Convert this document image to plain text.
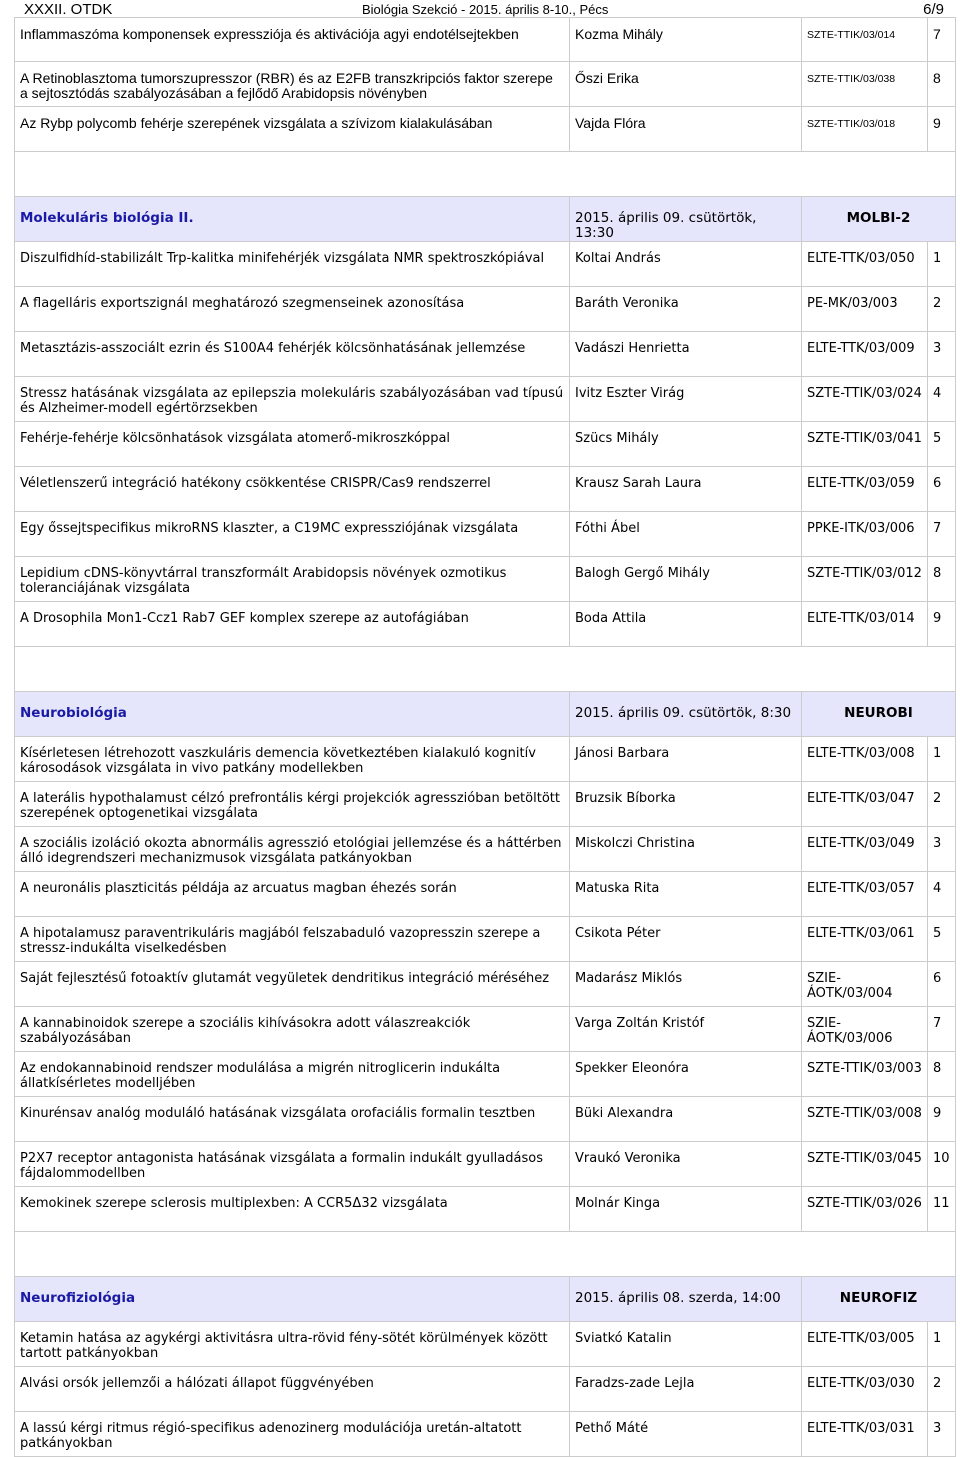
XXXII. OTDK	Biológia Szekció - 2015. április 8-10., Pécs	6/9
Inflammaszóma komponensek expressziója és aktivációja agyi endotélsejtekben	Kozma Mihály	SZTE-TTIK/03/014	7
A Retinoblasztoma tumorszupresszor (RBR) és az E2FB transzkripciós faktor szerepe a sejtosztódás szabályozásában a fejlődő Arabidopsis növényben	Őszi Erika	SZTE-TTIK/03/038	8
Az Rybp polycomb fehérje szerepének vizsgálata a szívizom kialakulásában	Vajda Flóra	SZTE-TTIK/03/018	9

Molekuláris biológia II.	2015. április 09. csütörtök, 13:30	MOLBI-2	
Diszulfidhíd-stabilizált Trp-kalitka minifehérjék vizsgálata NMR spektroszkópiával	Koltai András	ELTE-TTK/03/050	1
A flagelláris exportszignál meghatározó szegmenseinek azonosítása	Baráth Veronika	PE-MK/03/003	2
Metasztázis-asszociált ezrin és S100A4 fehérjék kölcsönhatásának jellemzése	Vadászi Henrietta	ELTE-TTK/03/009	3
Stressz hatásának vizsgálata az epilepszia molekuláris szabályozásában vad típusú és Alzheimer-modell egértörzsekben	Ivitz Eszter Virág	SZTE-TTIK/03/024	4
Fehérje-fehérje kölcsönhatások vizsgálata atomerő-mikroszkóppal	Szücs Mihály	SZTE-TTIK/03/041	5
Véletlenszerű integráció hatékony csökkentése CRISPR/Cas9 rendszerrel	Krausz Sarah Laura	ELTE-TTK/03/059	6
Egy őssejtspecifikus mikroRNS klaszter, a C19MC expressziójának vizsgálata	Fóthi Ábel	PPKE-ITK/03/006	7
Lepidium cDNS-könyvtárral transzformált Arabidopsis növények ozmotikus toleranciájának vizsgálata	Balogh Gergő Mihály	SZTE-TTIK/03/012	8
A Drosophila Mon1-Ccz1 Rab7 GEF komplex szerepe az autofágiában	Boda Attila	ELTE-TTK/03/014	9

Neurobiológia	2015. április 09. csütörtök, 8:30	NEUROBI	
Kísérletesen létrehozott vaszkuláris demencia következtében kialakuló kognitív károsodások vizsgálata in vivo patkány modellekben	Jánosi Barbara	ELTE-TTK/03/008	1
A laterális hypothalamust célzó prefrontális kérgi projekciók agresszióban betöltött szerepének optogenetikai vizsgálata	Bruzsik Bíborka	ELTE-TTK/03/047	2
A szociális izoláció okozta abnormális agresszió etológiai jellemzése és a háttérben álló idegrendszeri mechanizmusok vizsgálata patkányokban	Miskolczi Christina	ELTE-TTK/03/049	3
A neuronális plaszticitás példája az arcuatus magban éhezés során	Matuska Rita	ELTE-TTK/03/057	4
A hipotalamusz paraventrikuláris magjából felszabaduló vazopresszin szerepe a stressz-indukálta viselkedésben	Csikota Péter	ELTE-TTK/03/061	5
Saját fejlesztésű fotoaktív glutamát vegyületek dendritikus integráció méréséhez	Madarász Miklós	SZIE-ÁOTK/03/004	6
A kannabinoidok szerepe a szociális kihívásokra adott válaszreakciók szabályozásában	Varga Zoltán Kristóf	SZIE-ÁOTK/03/006	7
Az endokannabinoid rendszer modulálása a migrén nitroglicerin indukálta állatkísérletes modelljében	Spekker Eleonóra	SZTE-TTIK/03/003	8
Kinurénsav analóg moduláló hatásának vizsgálata orofaciális formalin tesztben	Büki Alexandra	SZTE-TTIK/03/008	9
P2X7 receptor antagonista hatásának vizsgálata a formalin indukált gyulladásos fájdalommodellben	Vraukó Veronika	SZTE-TTIK/03/045	10
Kemokinek szerepe sclerosis multiplexben: A CCR5Δ32 vizsgálata	Molnár Kinga	SZTE-TTIK/03/026	11

Neurofiziológia	2015. április 08. szerda, 14:00	NEUROFIZ	
Ketamin hatása az agykérgi aktivitásra ultra-rövid fény-sötét körülmények között tartott patkányokban	Sviatkó Katalin	ELTE-TTK/03/005	1
Alvási orsók jellemzői a hálózati állapot függvényében	Faradzs-zade Lejla	ELTE-TTK/03/030	2
A lassú kérgi ritmus régió-specifikus adenozinerg modulációja uretán-altatott patkányokban	Pethő Máté	ELTE-TTK/03/031	3
